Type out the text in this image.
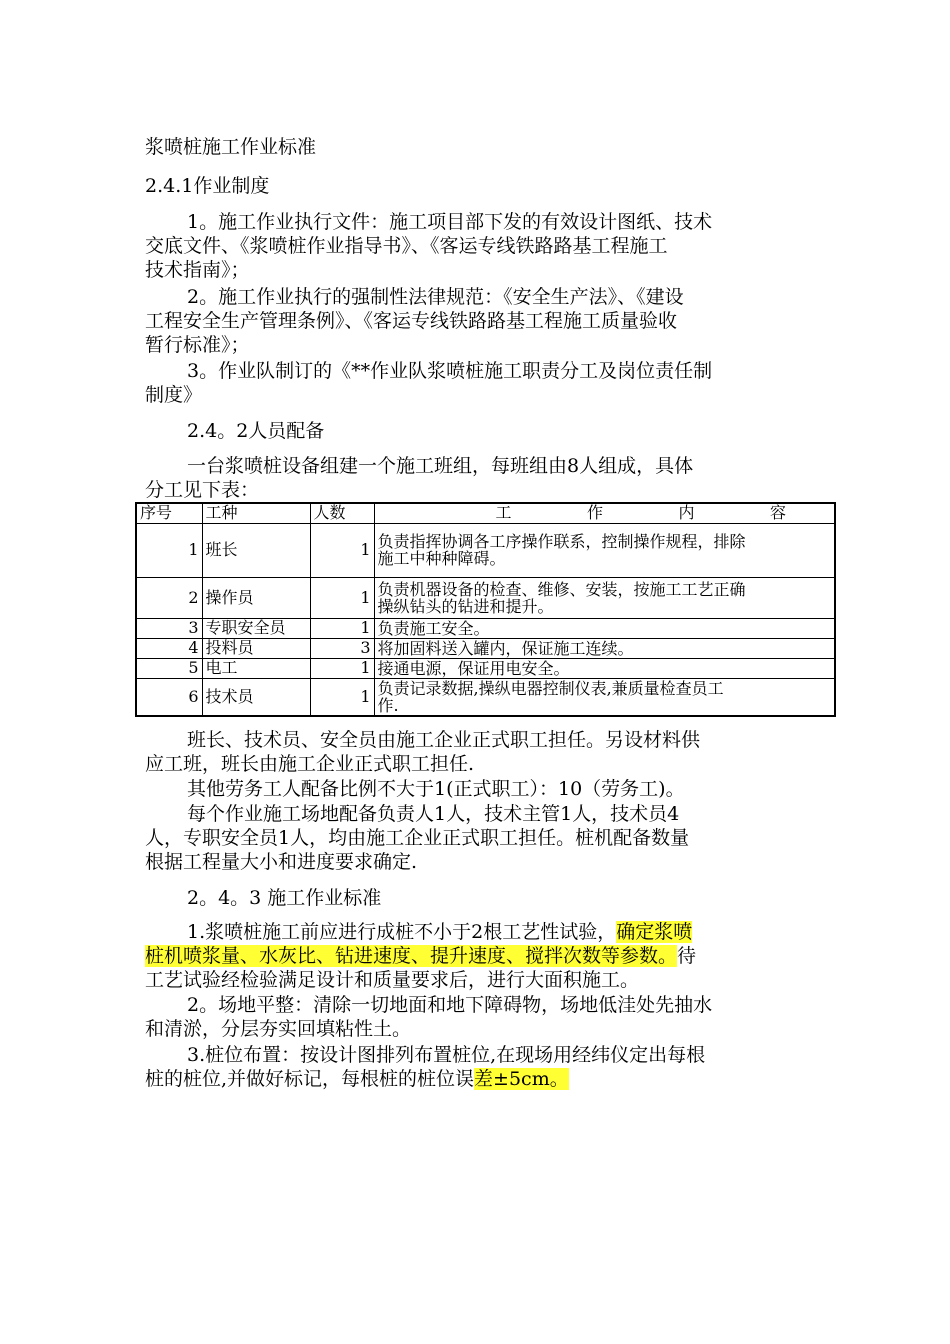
浆喷桩施工作业标准
2.4.1作业制度
1。施工作业执行文件：施工项目部下发的有效设计图纸、技术
交底文件、《浆喷桩作业指导书》、《客运专线铁路路基工程施工
技术指南》；
2。施工作业执行的强制性法律规范：《安全生产法》、《建设
工程安全生产管理条例》、《客运专线铁路路基工程施工质量验收
暂行标准》；
3。作业队制订的《**作业队浆喷桩施工职责分工及岗位责任制
制度》
2.4。2人员配备
一台浆喷桩设备组建一个施工班组，每班组由8人组成，具体
分工见下表：
序号	工种	人数	工 作 内 容

1	班长	1	负责指挥协调各工序操作联系，控制操作规程，排除
施工中种种障碍。

2	操作员	1	负责机器设备的检查、维修、安装，按施工工艺正确
操纵钻头的钻进和提升。

3	专职安全员	1	负责施工安全。
4	投料员	3	将加固料送入罐内，保证施工连续。
5	电工	1	接通电源，保证用电安全。
6	技术员	1	负责记录数据,操纵电器控制仪表,兼质量检查员工
作.
班长、技术员、安全员由施工企业正式职工担任。另设材料供
应工班，班长由施工企业正式职工担任.
其他劳务工人配备比例不大于1(正式职工）：10（劳务工)。
每个作业施工场地配备负责人1人，技术主管1人，技术员4
人，专职安全员1人，均由施工企业正式职工担任。桩机配备数量
根据工程量大小和进度要求确定.
2。4。3 施工作业标准
1.浆喷桩施工前应进行成桩不小于2根工艺性试验，确定浆喷
桩机喷浆量、水灰比、钻进速度、提升速度、搅拌次数等参数。待
工艺试验经检验满足设计和质量要求后，进行大面积施工。
2。场地平整：清除一切地面和地下障碍物，场地低洼处先抽水
和清淤，分层夯实回填粘性土。
3.桩位布置：按设计图排列布置桩位,在现场用经纬仪定出每根
桩的桩位,并做好标记，每根桩的桩位误差±5cm。
